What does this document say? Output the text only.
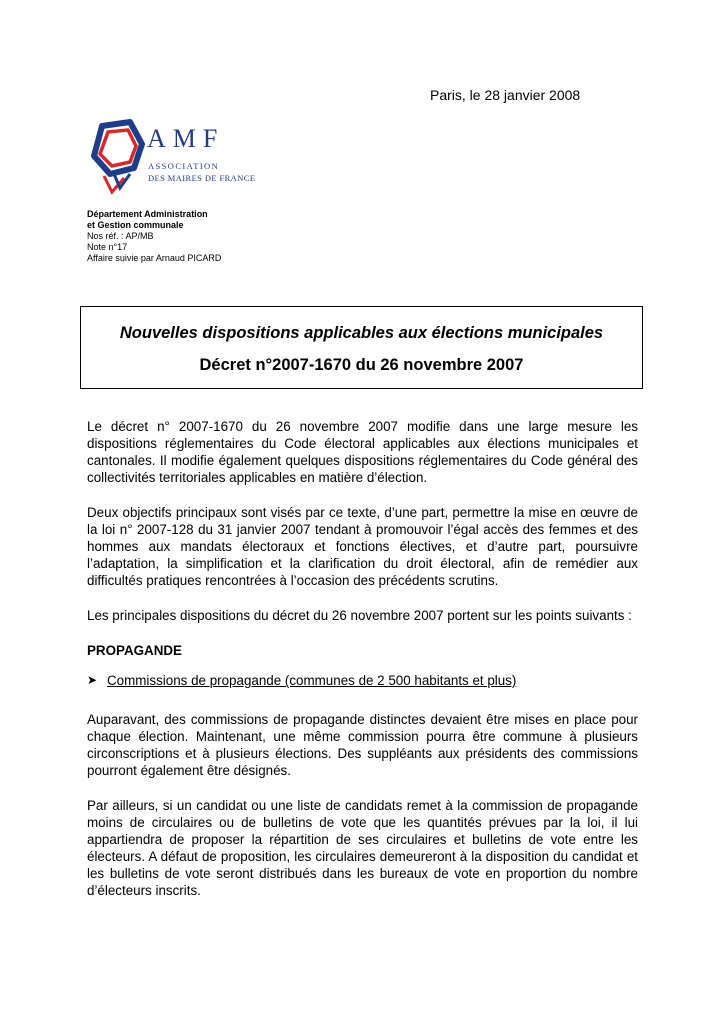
Paris, le 28 janvier 2008
AMF
ASSOCIATION
DES MAIRES DE FRANCE
Département Administration
et Gestion communale
Nos réf. : AP/MB
Note n°17
Affaire suivie par Arnaud PICARD
Nouvelles dispositions applicables aux élections municipales
Décret n°2007-1670 du 26 novembre 2007

Le décret n° 2007-1670 du 26 novembre 2007 modifie dans une large mesure les dispositions réglementaires du Code électoral applicables aux élections municipales et cantonales. Il modifie également quelques dispositions réglementaires du Code général des collectivités territoriales applicables en matière d’élection.

Deux objectifs principaux sont visés par ce texte, d’une part, permettre la mise en œuvre de la loi n° 2007-128 du 31 janvier 2007 tendant à promouvoir l’égal accès des femmes et des hommes aux mandats électoraux et fonctions électives, et d’autre part, poursuivre l’adaptation, la simplification et la clarification du droit électoral, afin de remédier aux difficultés pratiques rencontrées à l’occasion des précédents scrutins.

Les principales dispositions du décret du 26 novembre 2007 portent sur les points suivants :

PROPAGANDE
➤ Commissions de propagande (communes de 2 500 habitants et plus)

Auparavant, des commissions de propagande distinctes devaient être mises en place pour chaque élection. Maintenant, une même commission pourra être commune à plusieurs circonscriptions et à plusieurs élections. Des suppléants aux présidents des commissions pourront également être désignés.

Par ailleurs, si un candidat ou une liste de candidats remet à la commission de propagande moins de circulaires ou de bulletins de vote que les quantités prévues par la loi, il lui appartiendra de proposer la répartition de ses circulaires et bulletins de vote entre les électeurs. A défaut de proposition, les circulaires demeureront à la disposition du candidat et les bulletins de vote seront distribués dans les bureaux de vote en proportion du nombre d’électeurs inscrits.
